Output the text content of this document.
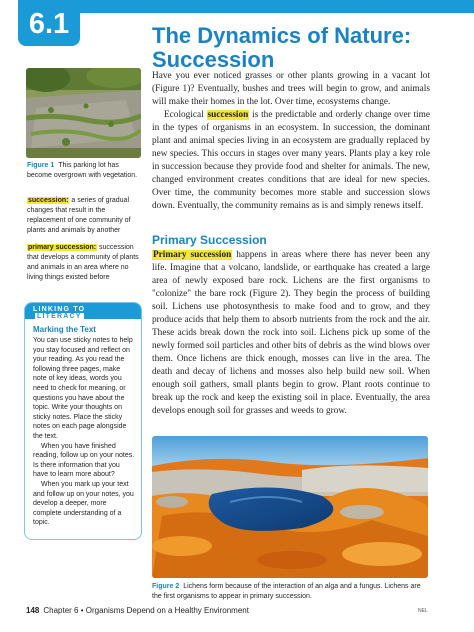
6.1	The Dynamics of Nature:
Succession
Figure 1 This parking lot has become overgrown with vegetation.
succession: a series of gradual changes that result in the replacement of one community of plants and animals by another
primary succession: succession that develops a community of plants and animals in an area where no living things existed before
LINKING TO LITERACY
Marking the Text

You can use sticky notes to help you stay focused and reflect on your reading. As you read the following three pages, make note of key ideas, words you need to check for meaning, or questions you have about the topic. Write your thoughts on sticky notes. Place the sticky notes on each page alongside the text.

When you have finished reading, follow up on your notes. Is there information that you have to learn more about?

When you mark up your text and follow up on your notes, you develop a deeper, more complete understanding of a topic.

Have you ever noticed grasses or other plants growing in a vacant lot (Figure 1)? Eventually, bushes and trees will begin to grow, and animals will make their homes in the lot. Over time, ecosystems change.

Ecological succession is the predictable and orderly change over time in the types of organisms in an ecosystem. In succession, the dominant plant and animal species living in an ecosystem are gradually replaced by new species. This occurs in stages over many years. Plants play a key role in succession because they provide food and shelter for animals. The new, changed environment creates conditions that are ideal for new species. Over time, the community becomes more stable and succession slows down. Eventually, the community remains as is and simply renews itself.

Primary Succession

Primary succession happens in areas where there has never been any life. Imagine that a volcano, landslide, or earthquake has created a large area of newly exposed bare rock. Lichens are the first organisms to "colonize" the bare rock (Figure 2). They begin the process of building soil. Lichens use photosynthesis to make food and to grow, and they produce acids that help them to absorb nutrients from the rock and the air. These acids break down the rock into soil. Lichens pick up some of the newly formed soil particles and other bits of debris as the wind blows over them. Once lichens are thick enough, mosses can live in the area. The death and decay of lichens and mosses also help build new soil. When enough soil gathers, small plants begin to grow. Plant roots continue to break up the rock and keep the existing soil in place. Eventually, the area develops enough soil for grasses and weeds to grow.

Figure 2 Lichens form because of the interaction of an alga and a fungus. Lichens are the first organisms to appear in primary succession.
148 Chapter 6 • Organisms Depend on a Healthy Environment	NEL
